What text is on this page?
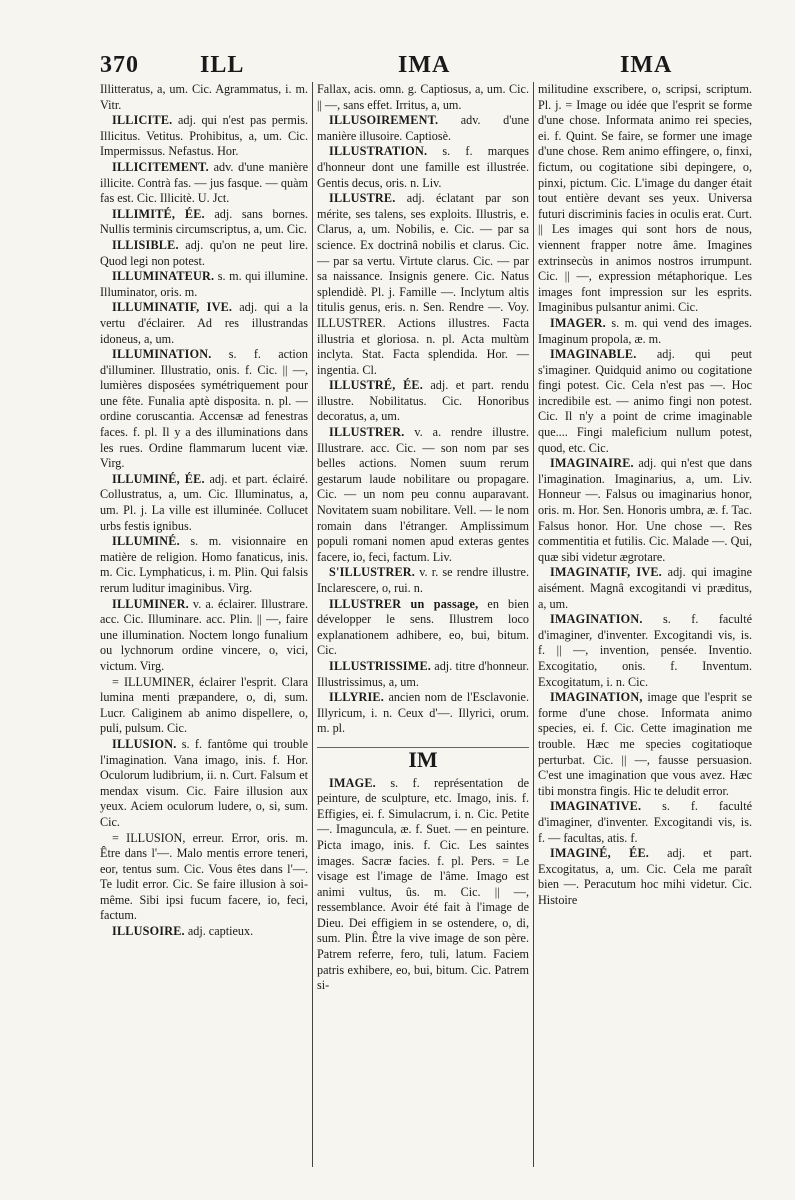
370	ILL	IMA	IMA

Illitteratus, a, um. Cic. Agrammatus, i. m. Vitr.

ILLICITE. adj. qui n'est pas permis. Illicitus. Vetitus. Prohibitus, a, um. Cic. Impermissus. Nefastus. Hor.

ILLICITEMENT. adv. d'une manière illicite. Contrà fas. — jus fasque. — quàm fas est. Cic. Illicitè. U. Jct.

ILLIMITÉ, ÉE. adj. sans bornes. Nullis terminis circumscriptus, a, um. Cic.

ILLISIBLE. adj. qu'on ne peut lire. Quod legi non potest.

ILLUMINATEUR. s. m. qui illumine. Illuminator, oris. m.

ILLUMINATIF, IVE. adj. qui a la vertu d'éclairer. Ad res illustrandas idoneus, a, um.

ILLUMINATION. s. f. action d'illuminer. Illustratio, onis. f. Cic. || —, lumières disposées symétriquement pour une fête. Funalia aptè disposita. n. pl. — ordine coruscantia. Accensæ ad fenestras faces. f. pl. Il y a des illuminations dans les rues. Ordine flammarum lucent viæ. Virg.

ILLUMINÉ, ÉE. adj. et part. éclairé. Collustratus, a, um. Cic. Illuminatus, a, um. Pl. j. La ville est illuminée. Collucet urbs festis ignibus.

ILLUMINÉ. s. m. visionnaire en matière de religion. Homo fanaticus, inis. m. Cic. Lymphaticus, i. m. Plin. Qui falsis rerum luditur imaginibus. Virg.

ILLUMINER. v. a. éclairer. Illustrare. acc. Cic. Illuminare. acc. Plin. || —, faire une illumination. Noctem longo funalium ou lychnorum ordine vincere, o, vici, victum. Virg.

= ILLUMINER, éclairer l'esprit. Clara lumina menti præpandere, o, di, sum. Lucr. Caliginem ab animo dispellere, o, puli, pulsum. Cic.

ILLUSION. s. f. fantôme qui trouble l'imagination. Vana imago, inis. f. Hor. Oculorum ludibrium, ii. n. Curt. Falsum et mendax visum. Cic. Faire illusion aux yeux. Aciem oculorum ludere, o, si, sum. Cic.

= ILLUSION, erreur. Error, oris. m. Être dans l'—. Malo mentis errore teneri, eor, tentus sum. Cic. Vous êtes dans l'—. Te ludit error. Cic. Se faire illusion à soi-même. Sibi ipsi fucum facere, io, feci, factum.

ILLUSOIRE. adj. captieux.

Fallax, acis. omn. g. Captiosus, a, um. Cic. || —, sans effet. Irritus, a, um.

ILLUSOIREMENT. adv. d'une manière illusoire. Captiosè.

ILLUSTRATION. s. f. marques d'honneur dont une famille est illustrée. Gentis decus, oris. n. Liv.

ILLUSTRE. adj. éclatant par son mérite, ses talens, ses exploits. Illustris, e. Clarus, a, um. Nobilis, e. Cic. — par sa science. Ex doctrinâ nobilis et clarus. Cic. — par sa vertu. Virtute clarus. Cic. — par sa naissance. Insignis genere. Cic. Natus splendidè. Pl. j. Famille —. Inclytum altis titulis genus, eris. n. Sen. Rendre —. Voy. ILLUSTRER. Actions illustres. Facta illustria et gloriosa. n. pl. Acta multùm inclyta. Stat. Facta splendida. Hor. — ingentia. Cl.

ILLUSTRÉ, ÉE. adj. et part. rendu illustre. Nobilitatus. Cic. Honoribus decoratus, a, um.

ILLUSTRER. v. a. rendre illustre. Illustrare. acc. Cic. — son nom par ses belles actions. Nomen suum rerum gestarum laude nobilitare ou propagare. Cic. — un nom peu connu auparavant. Novitatem suam nobilitare. Vell. — le nom romain dans l'étranger. Amplissimum populi romani nomen apud exteras gentes facere, io, feci, factum. Liv.

S'ILLUSTRER. v. r. se rendre illustre. Inclarescere, o, rui. n.

ILLUSTRER un passage, en bien développer le sens. Illustrem loco explanationem adhibere, eo, bui, bitum. Cic.

ILLUSTRISSIME. adj. titre d'honneur. Illustrissimus, a, um.

ILLYRIE. ancien nom de l'Esclavonie. Illyricum, i. n. Ceux d'—. Illyrici, orum. m. pl.

IM

IMAGE. s. f. représentation de peinture, de sculpture, etc. Imago, inis. f. Effigies, ei. f. Simulacrum, i. n. Cic. Petite —. Imaguncula, æ. f. Suet. — en peinture. Picta imago, inis. f. Cic. Les saintes images. Sacræ facies. f. pl. Pers. = Le visage est l'image de l'âme. Imago est animi vultus, ûs. m. Cic. || —, ressemblance. Avoir été fait à l'image de Dieu. Dei effigiem in se ostendere, o, di, sum. Plin. Être la vive image de son père. Patrem referre, fero, tuli, latum. Faciem patris exhibere, eo, bui, bitum. Cic. Patrem si-

militudine exscribere, o, scripsi, scriptum. Pl. j. = Image ou idée que l'esprit se forme d'une chose. Informata animo rei species, ei. f. Quint. Se faire, se former une image d'une chose. Rem animo effingere, o, finxi, fictum, ou cogitatione sibi depingere, o, pinxi, pictum. Cic. L'image du danger était tout entière devant ses yeux. Universa futuri discriminis facies in oculis erat. Curt. || Les images qui sont hors de nous, viennent frapper notre âme. Imagines extrinsecùs in animos nostros irrumpunt. Cic. || —, expression métaphorique. Les images font impression sur les esprits. Imaginibus pulsantur animi. Cic.

IMAGER. s. m. qui vend des images. Imaginum propola, æ. m.

IMAGINABLE. adj. qui peut s'imaginer. Quidquid animo ou cogitatione fingi potest. Cic. Cela n'est pas —. Hoc incredibile est. — animo fingi non potest. Cic. Il n'y a point de crime imaginable que.... Fingi maleficium nullum potest, quod, etc. Cic.

IMAGINAIRE. adj. qui n'est que dans l'imagination. Imaginarius, a, um. Liv. Honneur —. Falsus ou imaginarius honor, oris. m. Hor. Sen. Honoris umbra, æ. f. Tac. Falsus honor. Hor. Une chose —. Res commentitia et futilis. Cic. Malade —. Qui, quæ sibi videtur ægrotare.

IMAGINATIF, IVE. adj. qui imagine aisément. Magnâ excogitandi vi præditus, a, um.

IMAGINATION. s. f. faculté d'imaginer, d'inventer. Excogitandi vis, is. f. || —, invention, pensée. Inventio. Excogitatio, onis. f. Inventum. Excogitatum, i. n. Cic.

IMAGINATION, image que l'esprit se forme d'une chose. Informata animo species, ei. f. Cic. Cette imagination me trouble. Hæc me species cogitatioque perturbat. Cic. || —, fausse persuasion. C'est une imagination que vous avez. Hæc tibi monstra fingis. Hic te deludit error.

IMAGINATIVE. s. f. faculté d'imaginer, d'inventer. Excogitandi vis, is. f. — facultas, atis. f.

IMAGINÉ, ÉE. adj. et part. Excogitatus, a, um. Cic. Cela me paraît bien —. Peracutum hoc mihi videtur. Cic. Histoire
